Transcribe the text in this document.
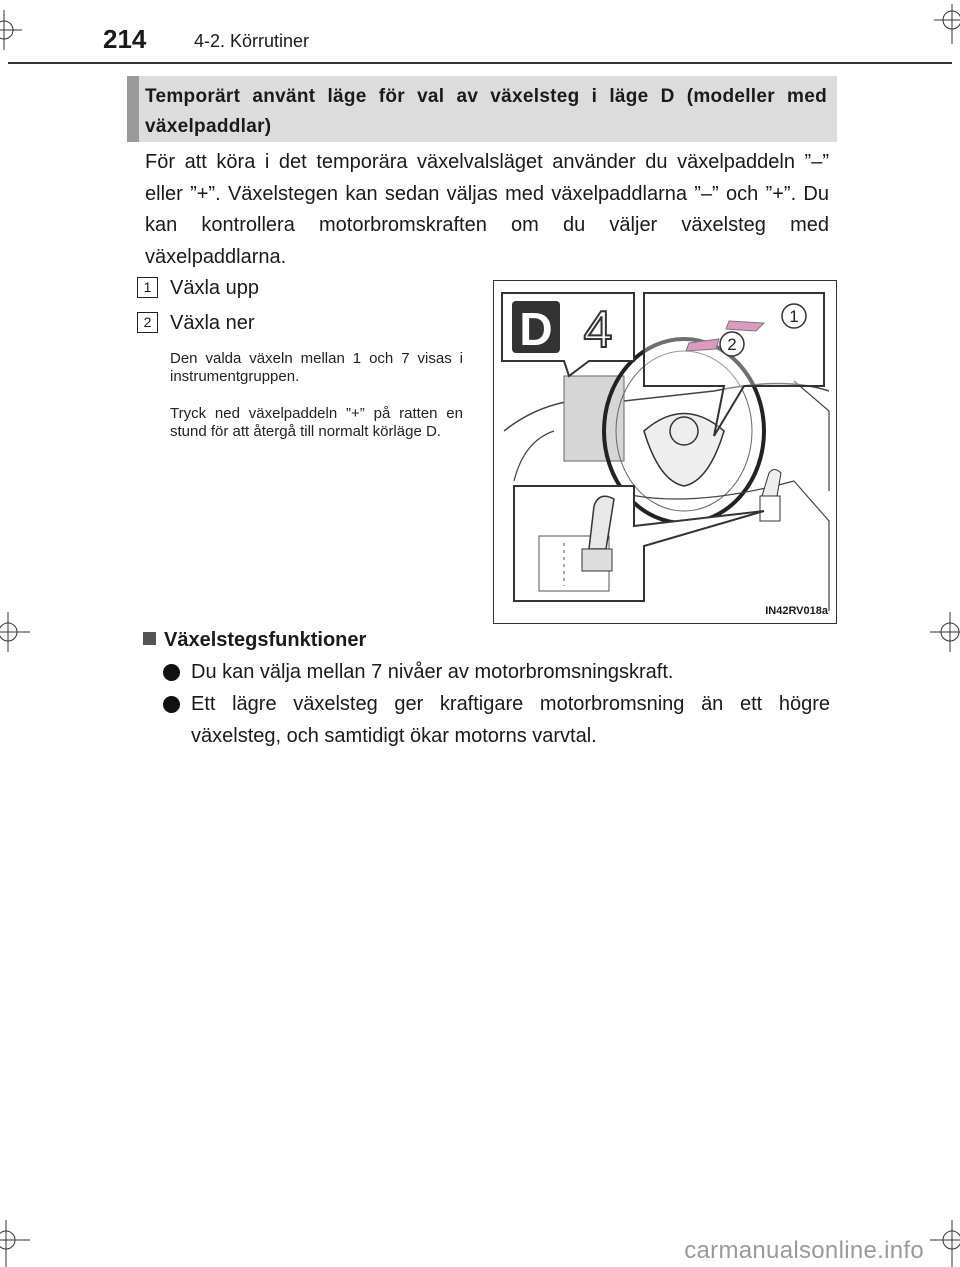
214	4-2. Körrutiner
Temporärt använt läge för val av växelsteg i läge D (modeller med växelpaddlar)
För att köra i det temporära växelvalsläget använder du växelpaddeln ”–” eller ”+”. Växelstegen kan sedan väljas med växelpaddlarna ”–” och ”+”. Du kan kontrollera motorbromskraften om du väljer växelsteg med växelpaddlarna.
1 Växla upp
2 Växla ner
Den valda växeln mellan 1 och 7 visas i instrumentgruppen.
Tryck ned växelpaddeln ”+” på ratten en stund för att återgå till normalt körläge D.
D 4	1
2
IN42RV018a
Växelstegsfunktioner
Du kan välja mellan 7 nivåer av motorbromsningskraft.
Ett lägre växelsteg ger kraftigare motorbromsning än ett högre växelsteg, och samtidigt ökar motorns varvtal.
carmanualsonline.info
